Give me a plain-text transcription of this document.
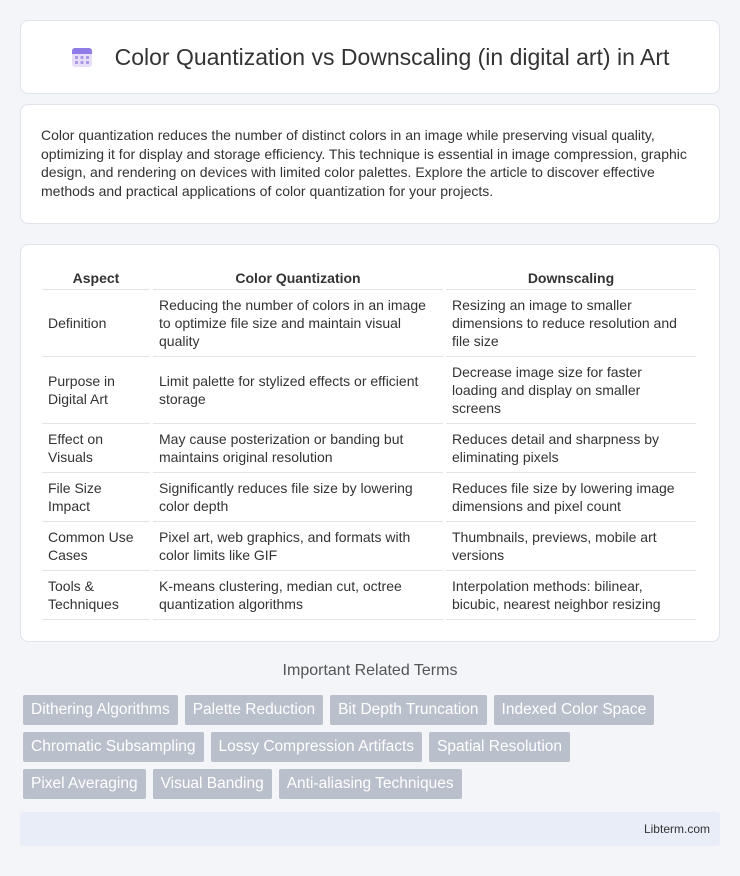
Color Quantization vs Downscaling (in digital art) in Art

Color quantization reduces the number of distinct colors in an image while preserving visual quality, optimizing it for display and storage efficiency. This technique is essential in image compression, graphic design, and rendering on devices with limited color palettes. Explore the article to discover effective methods and practical applications of color quantization for your projects.

Aspect	Color Quantization	Downscaling
Definition	Reducing the number of colors in an image to optimize file size and maintain visual quality	Resizing an image to smaller dimensions to reduce resolution and file size
Purpose in Digital Art	Limit palette for stylized effects or efficient storage	Decrease image size for faster loading and display on smaller screens
Effect on Visuals	May cause posterization or banding but maintains original resolution	Reduces detail and sharpness by eliminating pixels
File Size Impact	Significantly reduces file size by lowering color depth	Reduces file size by lowering image dimensions and pixel count
Common Use Cases	Pixel art, web graphics, and formats with color limits like GIF	Thumbnails, previews, mobile art versions
Tools & Techniques	K-means clustering, median cut, octree quantization algorithms	Interpolation methods: bilinear, bicubic, nearest neighbor resizing
Important Related Terms
Dithering Algorithms	Palette Reduction	Bit Depth Truncation	Indexed Color Space
Chromatic Subsampling	Lossy Compression Artifacts	Spatial Resolution
Pixel Averaging	Visual Banding	Anti-aliasing Techniques
Libterm.com
